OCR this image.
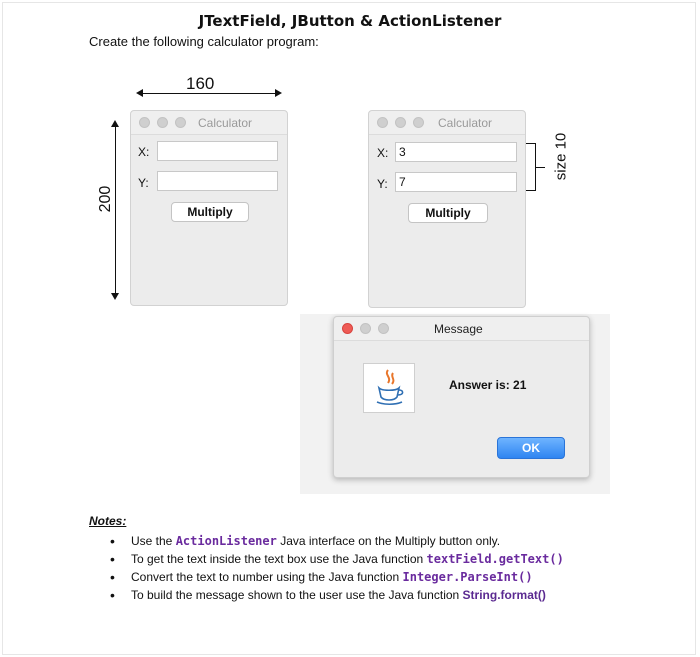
JTextField, JButton & ActionListener
Create the following calculator program:
160
200
Calculator
X:
Y:
Multiply
Calculator
X: 3
Y: 7
Multiply
size 10
Message
Answer is: 21
OK
Notes:
• Use the ActionListener Java interface on the Multiply button only.
• To get the text inside the text box use the Java function textField.getText()
• Convert the text to number using the Java function Integer.ParseInt()
• To build the message shown to the user use the Java function String.format()
